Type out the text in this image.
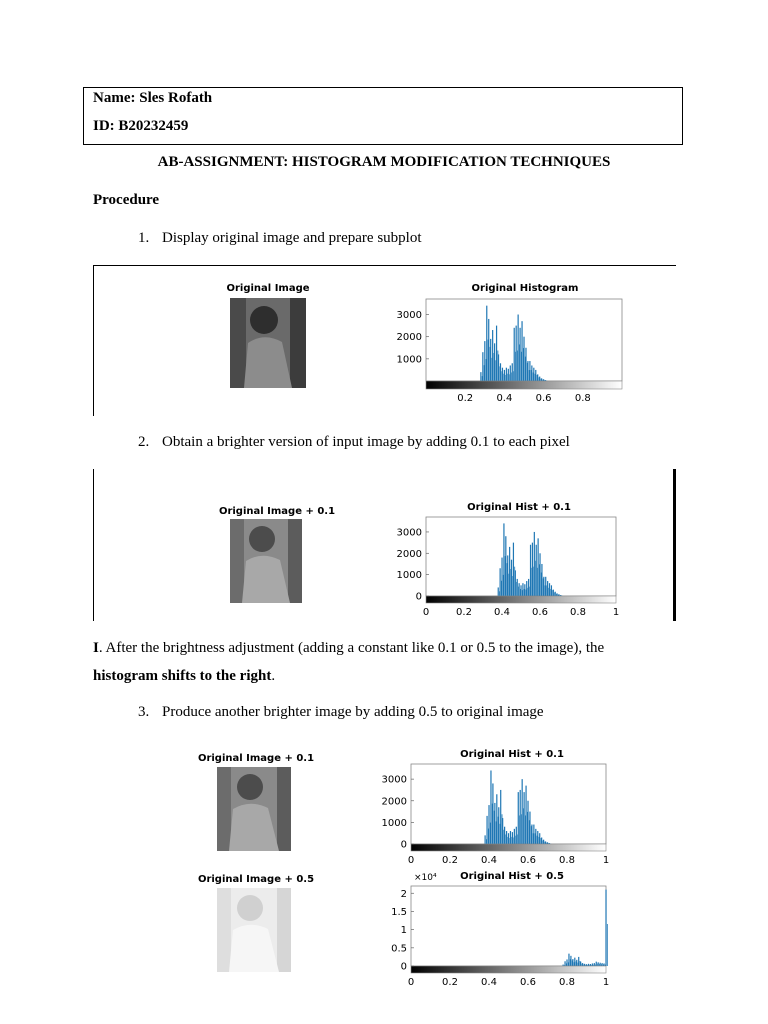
Name: Sles Rofath
ID: B20232459
AB-ASSIGNMENT: HISTOGRAM MODIFICATION TECHNIQUES
Procedure
1. Display original image and prepare subplot
Original Image	Original Histogram
1000
2000
3000
0.2 0.4 0.6 0.8
2. Obtain a brighter version of input image by adding 0.1 to each pixel
Original Image + 0.1	Original Hist + 0.1
0
1000
2000
3000
0	0.2 0.4 0.6 0.8	1
I. After the brightness adjustment (adding a constant like 0.1 or 0.5 to the image), the
histogram shifts to the right.
3. Produce another brighter image by adding 0.5 to original image
Original Image + 0.1	Original Hist + 0.1
0
1000
2000
3000
0	0.2 0.4 0.6 0.8	1
Original Image + 0.5	Original Hist + 0.5
×10⁴
0
0.5
1
1.5
2
0	0.2 0.4 0.6 0.8	1
